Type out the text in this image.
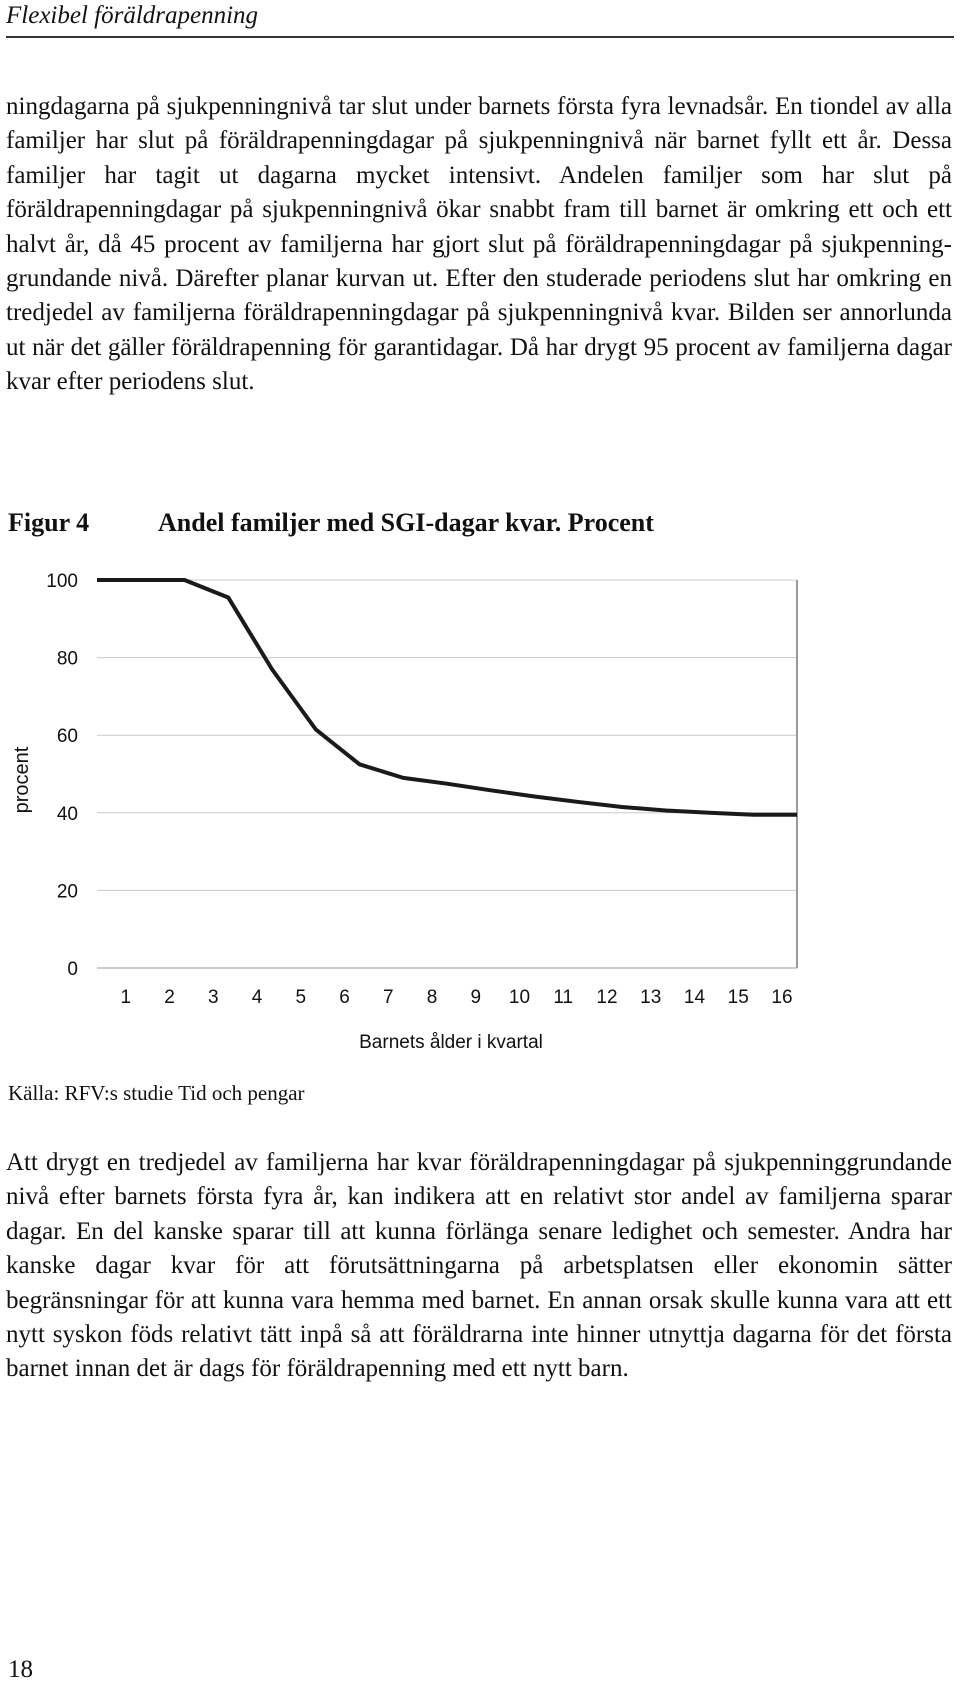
Flexibel föräldrapenning
ningdagarna på sjukpenningnivå tar slut under barnets första fyra levnadsår. En tiondel av alla familjer har slut på föräldrapenningdagar på sjukpenningnivå när barnet fyllt ett år. Dessa familjer har tagit ut dagarna mycket intensivt. Andelen familjer som har slut på föräldrapenningdagar på sjukpenningnivå ökar snabbt fram till barnet är omkring ett och ett halvt år, då 45 procent av familjerna har gjort slut på föräldrapenningdagar på sjukpenninggrundande nivå. Därefter planar kurvan ut. Efter den studerade periodens slut har omkring en tredjedel av familjerna föräldrapenningdagar på sjukpenningnivå kvar. Bilden ser annorlunda ut när det gäller föräldrapenning för garantidagar. Då har drygt 95 procent av familjerna dagar kvar efter periodens slut.
Figur 4	Andel familjer med SGI-dagar kvar. Procent
0
20
40
60
80
100
1 2 3 4 5 6 7 8 9 10 11 12 13 14 15 16
procent
Barnets ålder i kvartal
Källa: RFV:s studie Tid och pengar
Att drygt en tredjedel av familjerna har kvar föräldrapenningdagar på sjukpenninggrundande nivå efter barnets första fyra år, kan indikera att en relativt stor andel av familjerna sparar dagar. En del kanske sparar till att kunna förlänga senare ledighet och semester. Andra har kanske dagar kvar för att förutsättningarna på arbetsplatsen eller ekonomin sätter begränsningar för att kunna vara hemma med barnet. En annan orsak skulle kunna vara att ett nytt syskon föds relativt tätt inpå så att föräldrarna inte hinner utnyttja dagarna för det första barnet innan det är dags för föräldrapenning med ett nytt barn.
18
